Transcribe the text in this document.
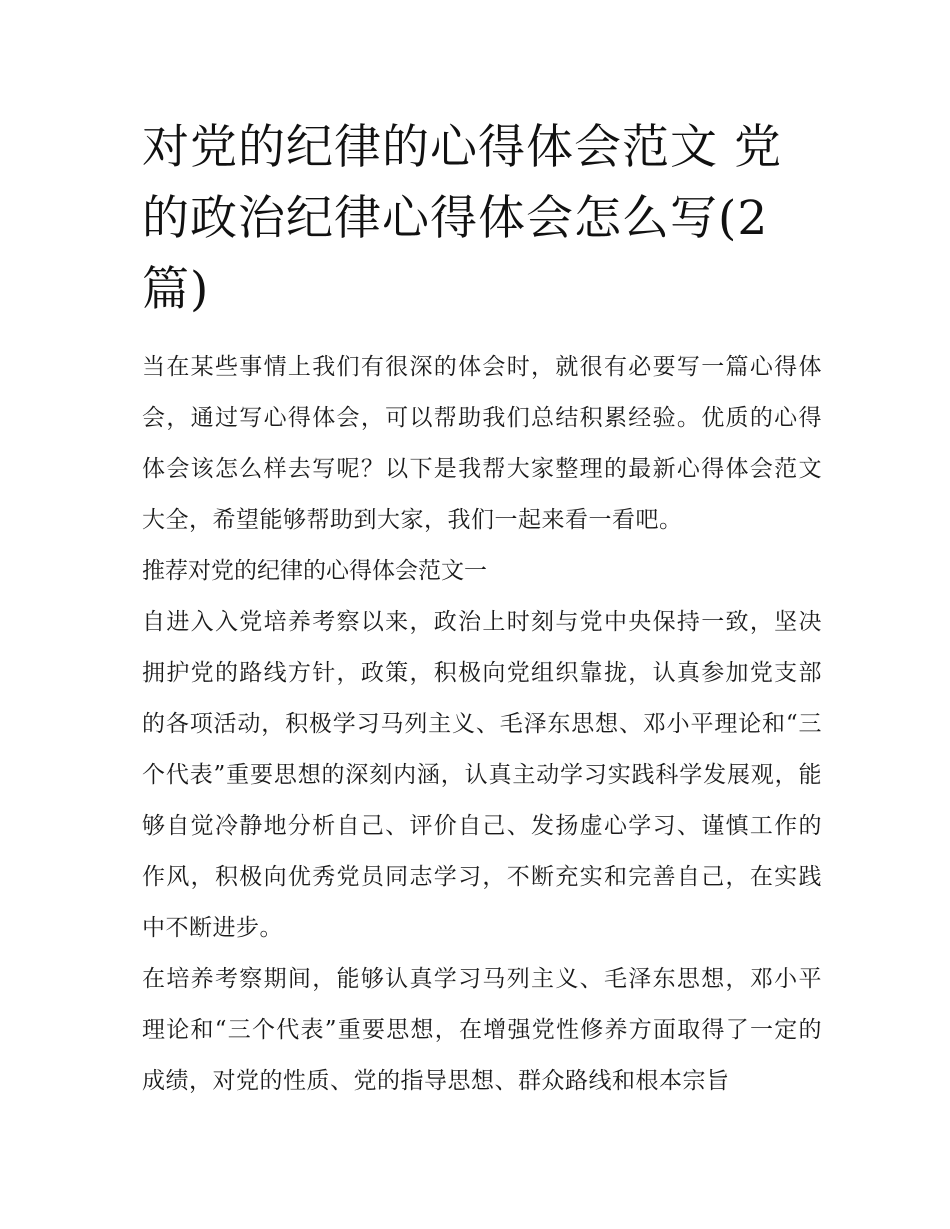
对党的纪律的心得体会范文 党的政治纪律心得体会怎么写(2篇)

当在某些事情上我们有很深的体会时，就很有必要写一篇心得体会，通过写心得体会，可以帮助我们总结积累经验。优质的心得体会该怎么样去写呢？以下是我帮大家整理的最新心得体会范文大全，希望能够帮助到大家，我们一起来看一看吧。

推荐对党的纪律的心得体会范文一

自进入入党培养考察以来，政治上时刻与党中央保持一致，坚决拥护党的路线方针，政策，积极向党组织靠拢，认真参加党支部的各项活动，积极学习马列主义、毛泽东思想、邓小平理论和“三个代表”重要思想的深刻内涵，认真主动学习实践科学发展观，能够自觉冷静地分析自己、评价自己、发扬虚心学习、谨慎工作的作风，积极向优秀党员同志学习，不断充实和完善自己，在实践中不断进步。

在培养考察期间，能够认真学习马列主义、毛泽东思想，邓小平理论和“三个代表”重要思想，在增强党性修养方面取得了一定的成绩，对党的性质、党的指导思想、群众路线和根本宗旨
